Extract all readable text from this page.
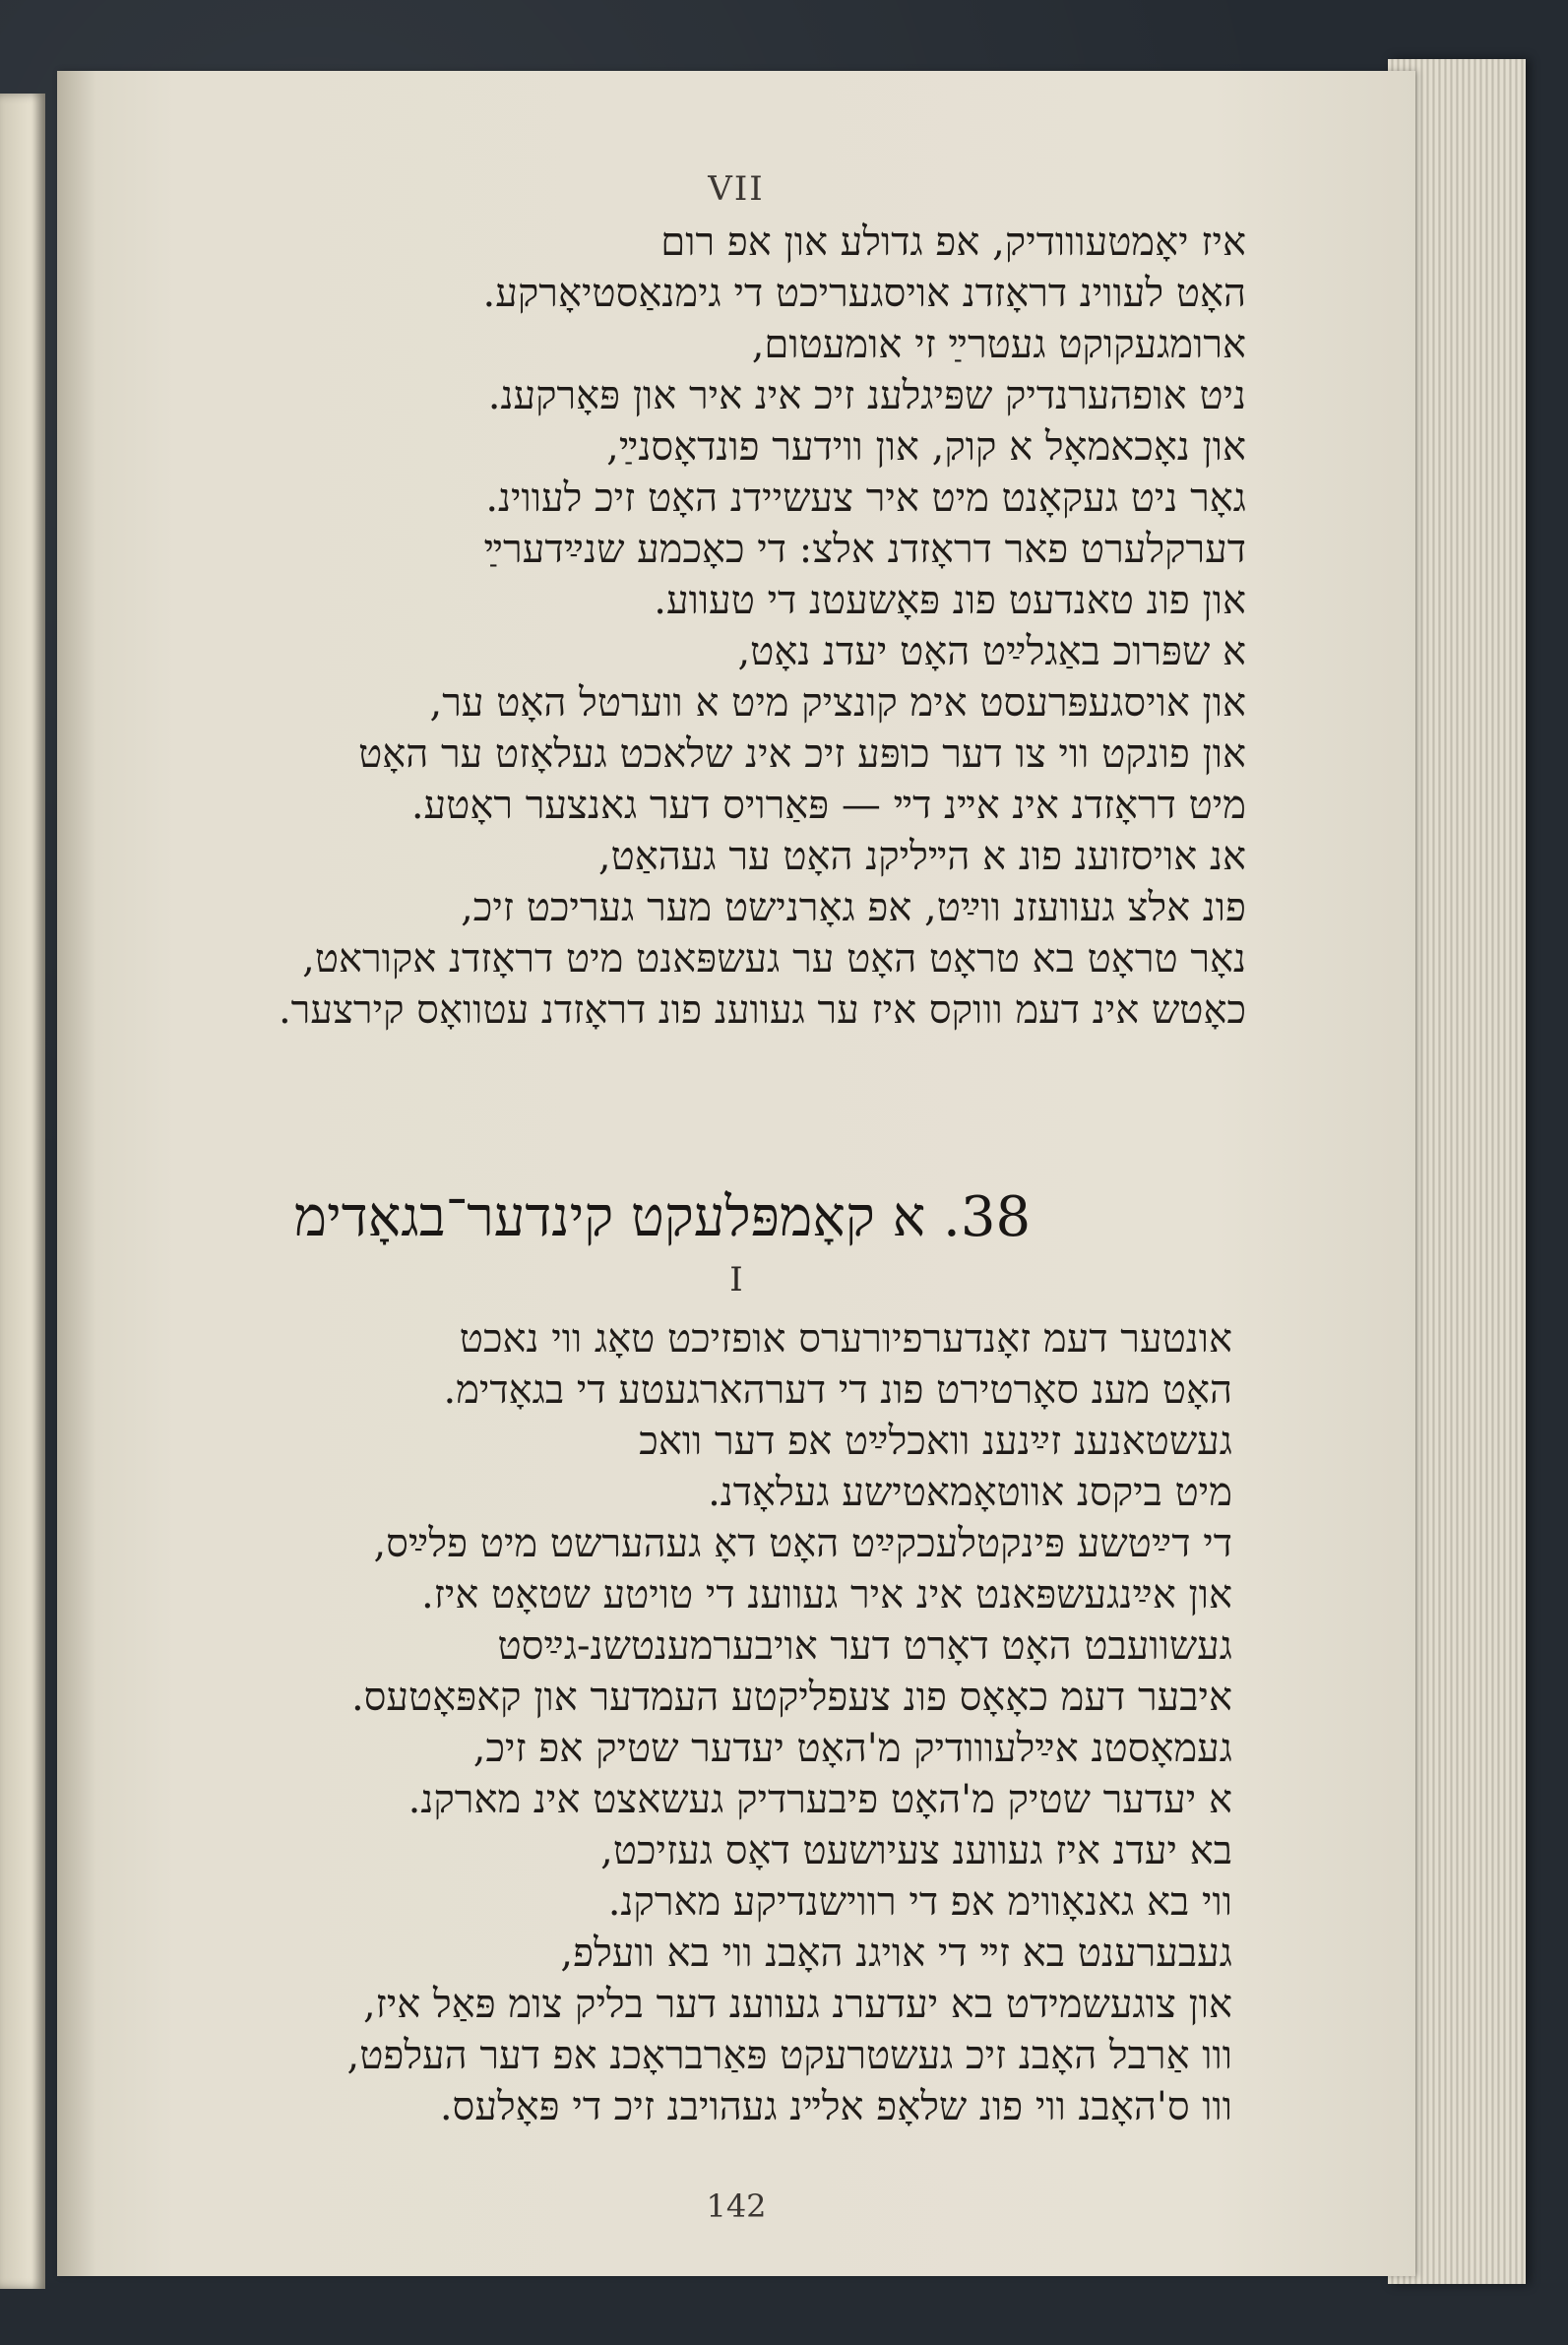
VII
איז יאָמטעווודיק, אפ גדולע און אפ רום
האָט לעווינ דראָזדנ אויסגעריכט די גימנאַסטיאָרקע.
ארומגעקוקט געטרײַ זי אומעטום,
ניט אופהערנדיק שפּיגלענ זיכ אינ איר און פּאָרקענ.
און נאָכאמאָל א קוק, און ווידער פונדאָסנײַ,
גאָר ניט געקאָנט מיט איר צעשיידנ האָט זיכ לעווינ.
דערקלערט פאר דראָזדנ אלצ: די כאָכמע שנײַדערײַ
און פונ טאנדעט פונ פּאָשעטנ די טעווע.
א שפּרוכ באַגלײַט האָט יעדנ נאָט,
און אויסגעפּרעסט אימ קונציק מיט א ווערטל האָט ער,
און פונקט ווי צו דער כופּע זיכ אינ שלאכט געלאָזט ער האָט
מיט דראָזדנ אינ אײנ דײ — פּאַרויס דער גאנצער ראָטע.
אנ אויסזוענ פונ א הײליקנ האָט ער געהאַט,
פונ אלצ געוועזנ ווײַט, אפ גאָרנישט מער געריכט זיכ,
נאָר טראָט בא טראָט האָט ער געשפּאנט מיט דראָזדנ אקוראט,
כאָטש אינ דעמ וווקס איז ער געווענ פונ דראָזדנ עטוואָס קירצער.
38. א קאָמפּלעקט קינדער־בגאָדימ
I
אונטער דעמ זאָנדערפיורערס אופזיכט טאָג ווי נאכט
האָט מענ סאָרטירט פונ די דערהארגעטע די בגאָדימ.
געשטאנענ זײַנענ וואכלײַט אפ דער וואכ
מיט ביקסנ אווטאָמאטישע געלאָדנ.
די דײַטשע פּינקטלעכקײַט האָט דאָ געהערשט מיט פלײַס,
און אײַנגעשפּאנט אינ איר געווענ די טויטע שטאָט איז.
געשוועבט האָט דאָרט דער אויבערמענטשנ-גײַסט
איבער דעמ כאָאָס פונ צעפליקטע העמדער און קאפּאָטעס.
געמאָסטנ אײַלעווודיק מ'האָט יעדער שטיק אפ זיכ,
א יעדער שטיק מ'האָט פיבערדיק געשאצט אינ מארקנ.
בא יעדנ איז געווענ צעיושעט דאָס געזיכט,
ווי בא גאנאָווימ אפ די רווישנדיקע מארקנ.
געבערענט בא זײ די אויגנ האָבנ ווי בא וועלפ,
און צוגעשמידט בא יעדערנ געווענ דער בליק צומ פּאַל איז,
ווו אַרבל האָבנ זיכ געשטרעקט פּאַרבראָכנ אפ דער העלפט,
ווו ס'האָבנ ווי פונ שלאָפ אלײנ געהויבנ זיכ די פּאָלעס.
142
